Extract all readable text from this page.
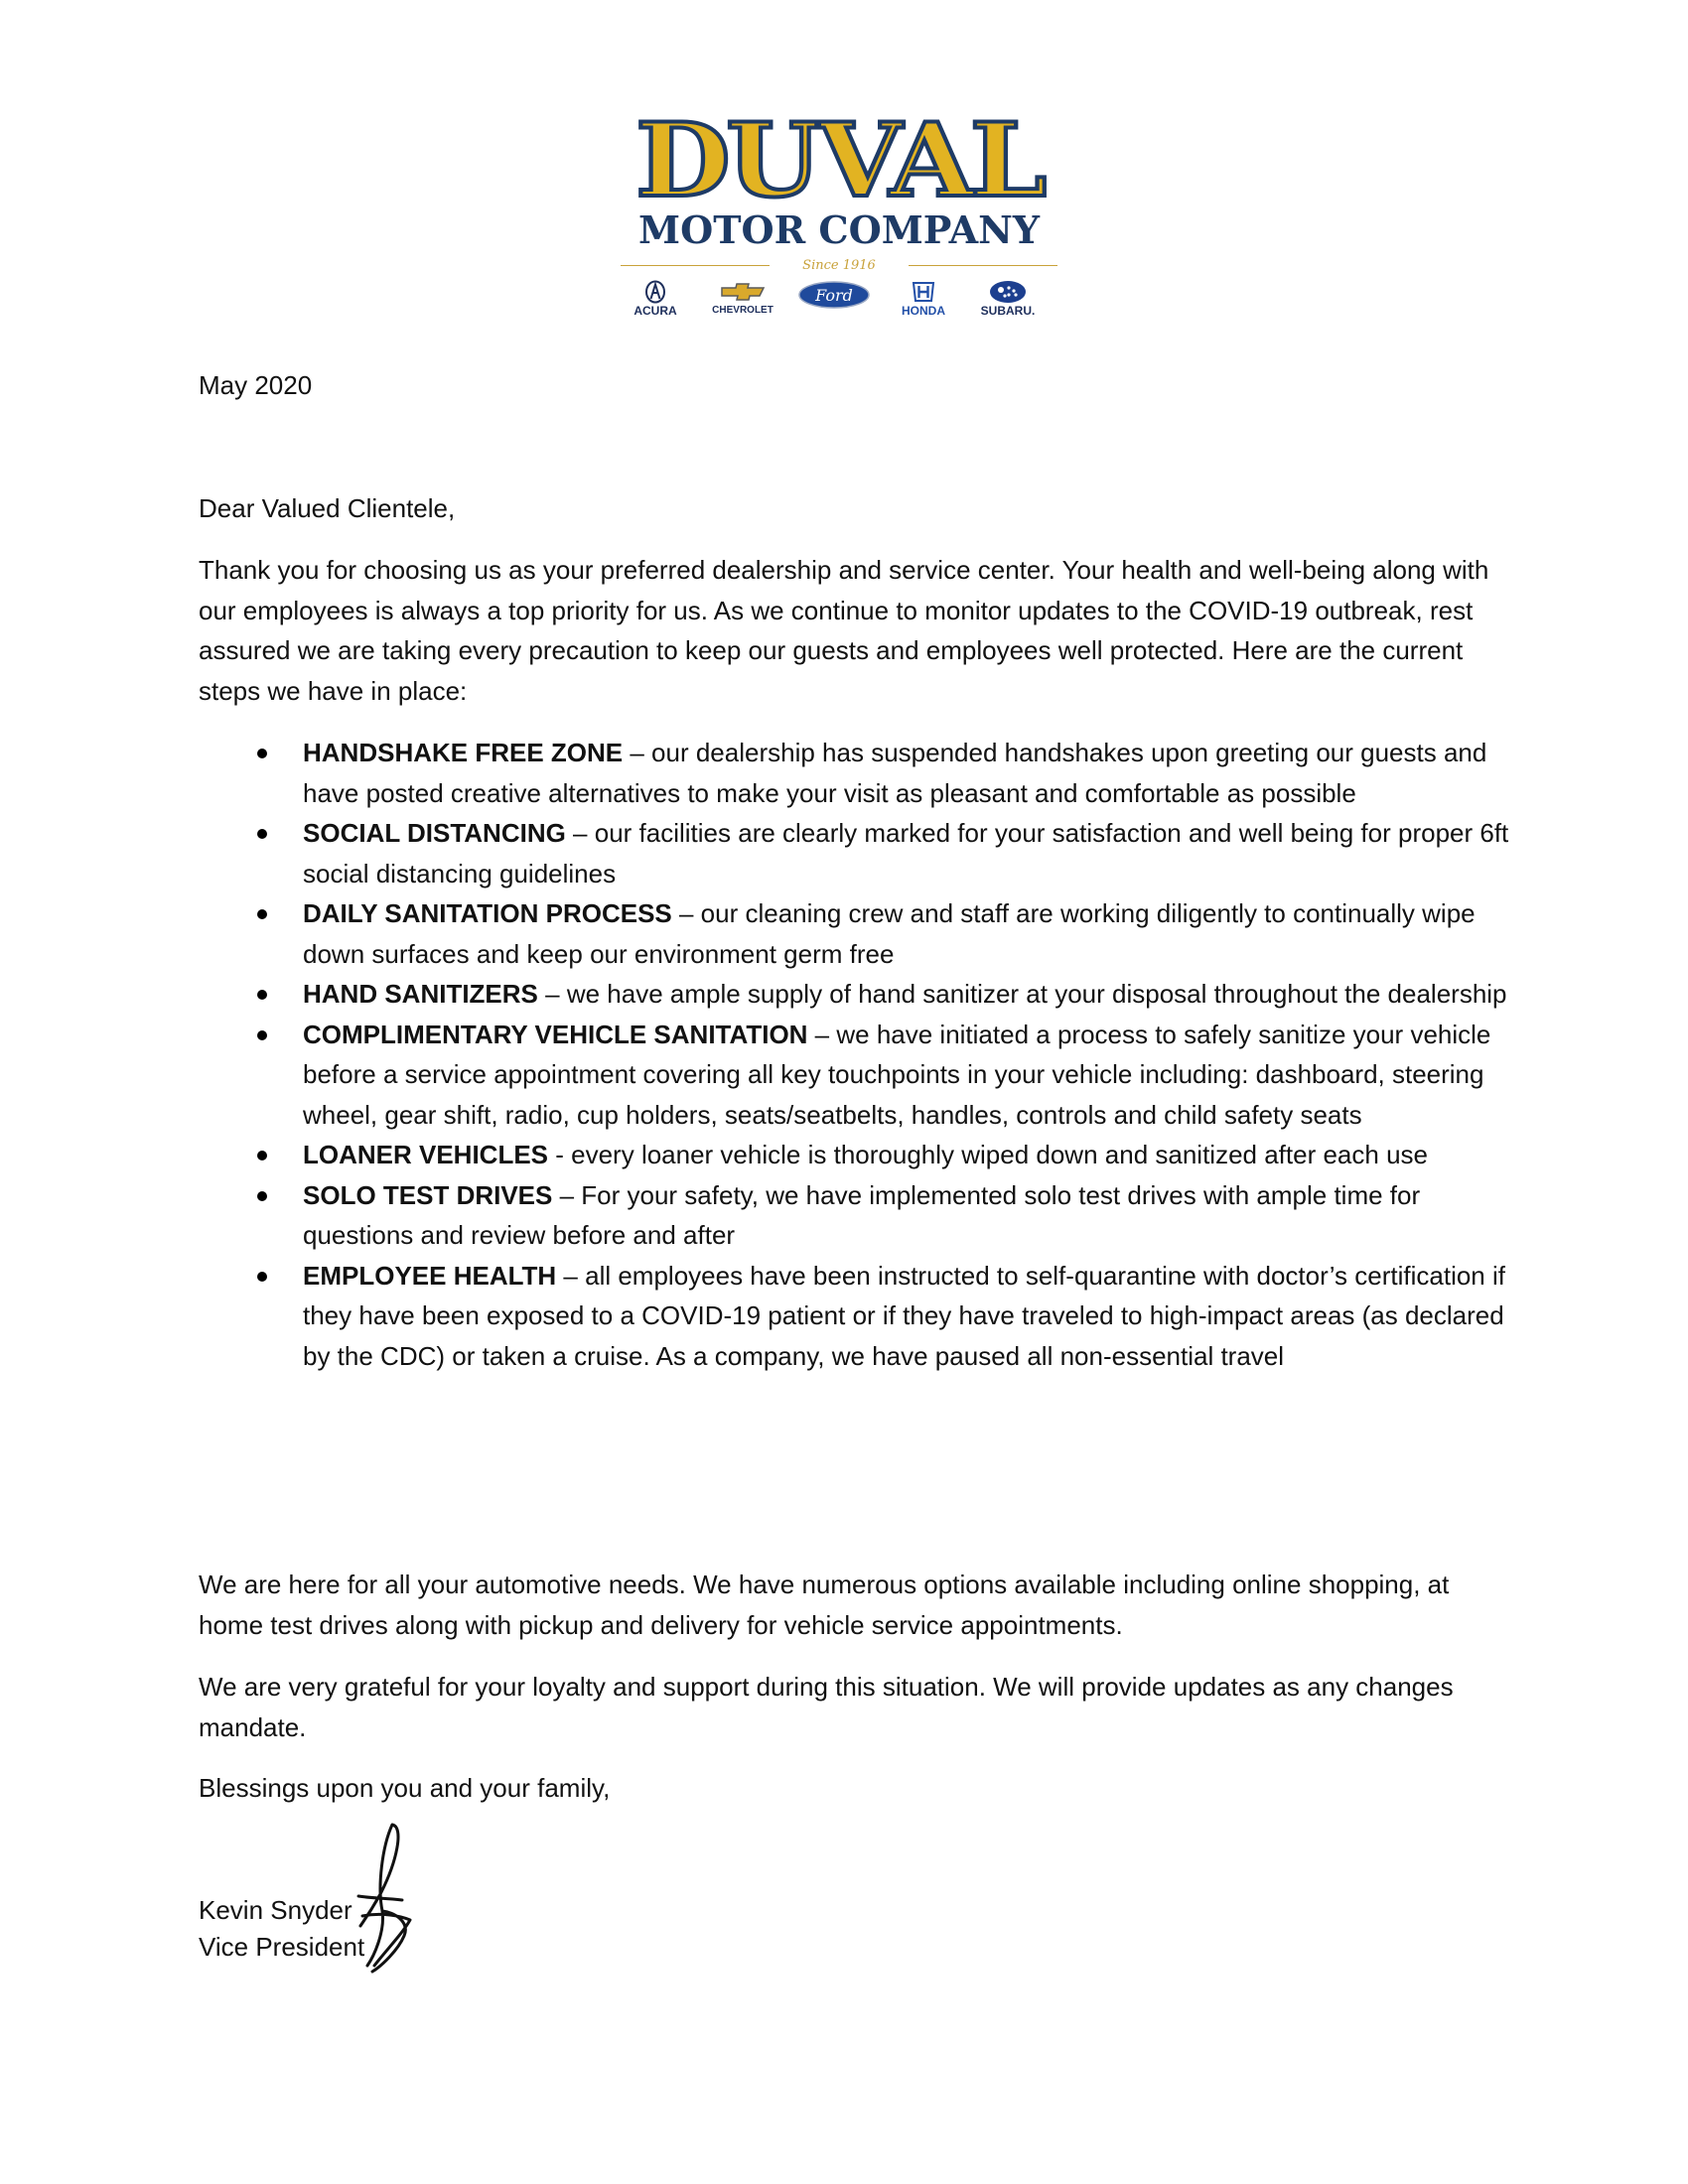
DUVAL
MOTOR COMPANY
Since 1916
ACURA	CHEVROLET
Ford
HONDA	SUBARU.
May 2020
Dear Valued Clientele,
Thank you for choosing us as your preferred dealership and service center. Your health and well-being along with our employees is always a top priority for us. As we continue to monitor updates to the COVID-19 outbreak, rest assured we are taking every precaution to keep our guests and employees well protected. Here are the current steps we have in place:
HANDSHAKE FREE ZONE – our dealership has suspended handshakes upon greeting our guests and have posted creative alternatives to make your visit as pleasant and comfortable as possible
SOCIAL DISTANCING – our facilities are clearly marked for your satisfaction and well being for proper 6ft social distancing guidelines
DAILY SANITATION PROCESS – our cleaning crew and staff are working diligently to continually wipe down surfaces and keep our environment germ free
HAND SANITIZERS – we have ample supply of hand sanitizer at your disposal throughout the dealership
COMPLIMENTARY VEHICLE SANITATION – we have initiated a process to safely sanitize your vehicle before a service appointment covering all key touchpoints in your vehicle including: dashboard, steering wheel, gear shift, radio, cup holders, seats/seatbelts, handles, controls and child safety seats
LOANER VEHICLES - every loaner vehicle is thoroughly wiped down and sanitized after each use
SOLO TEST DRIVES – For your safety, we have implemented solo test drives with ample time for questions and review before and after
EMPLOYEE HEALTH – all employees have been instructed to self-quarantine with doctor’s certification if they have been exposed to a COVID-19 patient or if they have traveled to high-impact areas (as declared by the CDC) or taken a cruise. As a company, we have paused all non-essential travel
We are here for all your automotive needs. We have numerous options available including online shopping, at home test drives along with pickup and delivery for vehicle service appointments.
We are very grateful for your loyalty and support during this situation. We will provide updates as any changes mandate.
Blessings upon you and your family,
Kevin Snyder
Vice President
